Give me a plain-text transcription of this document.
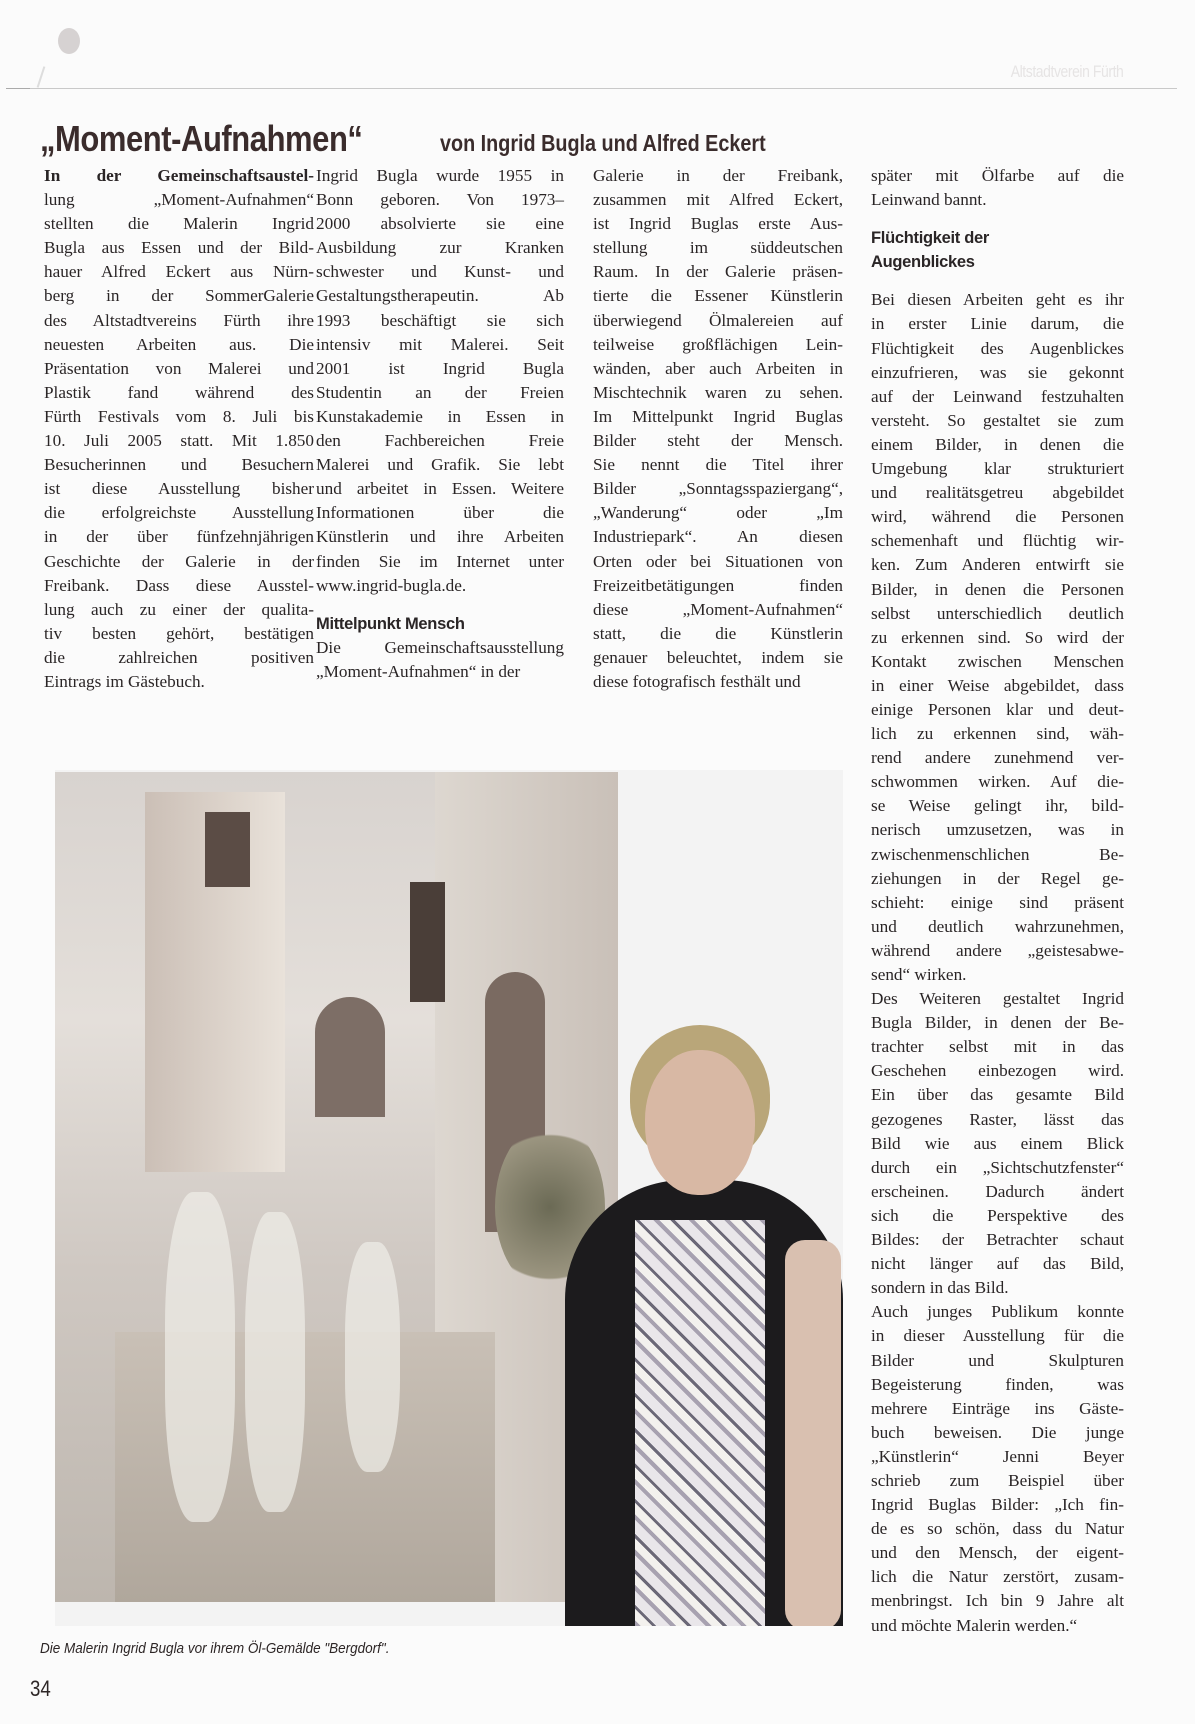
Altstadtverein Fürth
„Moment-Aufnahmen“	von Ingrid Bugla und Alfred Eckert
In der Gemeinschaftsaustel-
lung „Moment-Aufnahmen“
stellten die Malerin Ingrid
Bugla aus Essen und der Bild-
hauer Alfred Eckert aus Nürn-
berg in der SommerGalerie
des Altstadtvereins Fürth ihre
neuesten Arbeiten aus. Die
Präsentation von Malerei und
Plastik fand während des
Fürth Festivals vom 8. Juli bis
10. Juli 2005 statt. Mit 1.850
Besucherinnen und Besuchern
ist diese Ausstellung bisher
die erfolgreichste Ausstellung
in der über fünfzehnjährigen
Geschichte der Galerie in der
Freibank. Dass diese Ausstel-
lung auch zu einer der qualita-
tiv besten gehört, bestätigen
die zahlreichen positiven
Eintrags im Gästebuch.
Ingrid Bugla wurde 1955 in
Bonn geboren. Von 1973–
2000 absolvierte sie eine
Ausbildung zur Kranken
schwester und Kunst- und
Gestaltungstherapeutin. Ab
1993 beschäftigt sie sich
intensiv mit Malerei. Seit
2001 ist Ingrid Bugla
Studentin an der Freien
Kunstakademie in Essen in
den Fachbereichen Freie
Malerei und Grafik. Sie lebt
und arbeitet in Essen. Weitere
Informationen über die
Künstlerin und ihre Arbeiten
finden Sie im Internet unter
www.ingrid-bugla.de.
Mittelpunkt Mensch
Die Gemeinschaftsausstellung
„Moment-Aufnahmen“ in der
Galerie in der Freibank,
zusammen mit Alfred Eckert,
ist Ingrid Buglas erste Aus-
stellung im süddeutschen
Raum. In der Galerie präsen-
tierte die Essener Künstlerin
überwiegend Ölmalereien auf
teilweise großflächigen Lein-
wänden, aber auch Arbeiten in
Mischtechnik waren zu sehen.
Im Mittelpunkt Ingrid Buglas
Bilder steht der Mensch.
Sie nennt die Titel ihrer
Bilder „Sonntagsspaziergang“,
„Wanderung“ oder „Im
Industriepark“. An diesen
Orten oder bei Situationen von
Freizeitbetätigungen finden
diese „Moment-Aufnahmen“
statt, die die Künstlerin
genauer beleuchtet, indem sie
diese fotografisch festhält und
später mit Ölfarbe auf die
Leinwand bannt.
Flüchtigkeit der
Augenblickes
Bei diesen Arbeiten geht es ihr
in erster Linie darum, die
Flüchtigkeit des Augenblickes
einzufrieren, was sie gekonnt
auf der Leinwand festzuhalten
versteht. So gestaltet sie zum
einem Bilder, in denen die
Umgebung klar strukturiert
und realitätsgetreu abgebildet
wird, während die Personen
schemenhaft und flüchtig wir-
ken. Zum Anderen entwirft sie
Bilder, in denen die Personen
selbst unterschiedlich deutlich
zu erkennen sind. So wird der
Kontakt zwischen Menschen
in einer Weise abgebildet, dass
einige Personen klar und deut-
lich zu erkennen sind, wäh-
rend andere zunehmend ver-
schwommen wirken. Auf die-
se Weise gelingt ihr, bild-
nerisch umzusetzen, was in
zwischenmenschlichen Be-
ziehungen in der Regel ge-
schieht: einige sind präsent
und deutlich wahrzunehmen,
während andere „geistesabwe-
send“ wirken.
Des Weiteren gestaltet Ingrid
Bugla Bilder, in denen der Be-
trachter selbst mit in das
Geschehen einbezogen wird.
Ein über das gesamte Bild
gezogenes Raster, lässt das
Bild wie aus einem Blick
durch ein „Sichtschutzfenster“
erscheinen. Dadurch ändert
sich die Perspektive des
Bildes: der Betrachter schaut
nicht länger auf das Bild,
sondern in das Bild.
Auch junges Publikum konnte
in dieser Ausstellung für die
Bilder und Skulpturen
Begeisterung finden, was
mehrere Einträge ins Gäste-
buch beweisen. Die junge
„Künstlerin“ Jenni Beyer
schrieb zum Beispiel über
Ingrid Buglas Bilder: „Ich fin-
de es so schön, dass du Natur
und den Mensch, der eigent-
lich die Natur zerstört, zusam-
menbringst. Ich bin 9 Jahre alt
und möchte Malerin werden.“
Die Malerin Ingrid Bugla vor ihrem Öl-Gemälde "Bergdorf".
34
